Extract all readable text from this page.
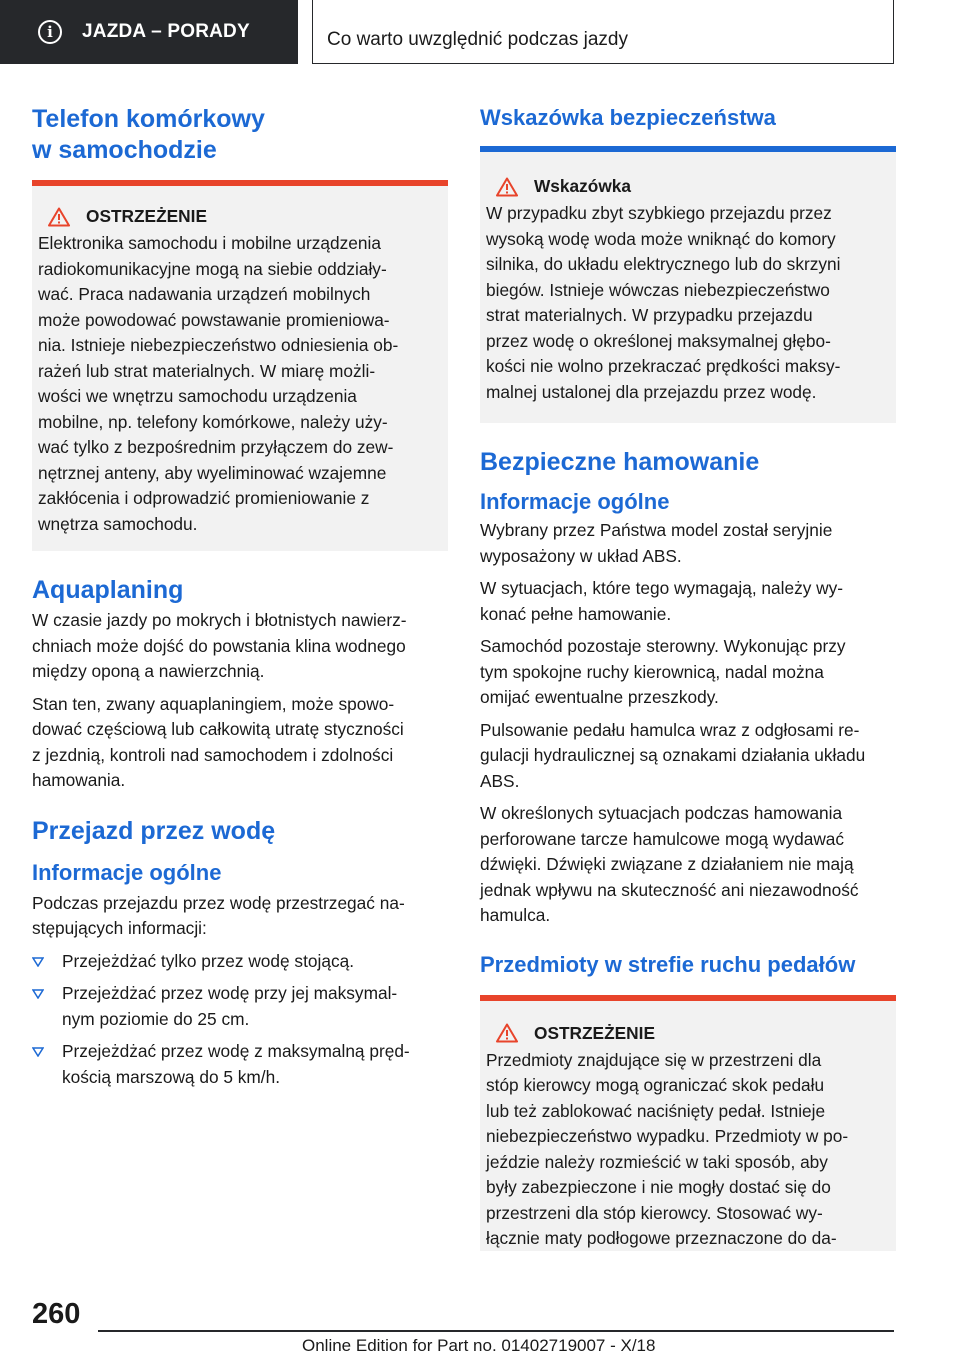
i	JAZDA – PORADY	Co warto uwzględnić podczas jazdy
Telefon komórkowy
w samochodzie
OSTRZEŻENIE

Elektronika samochodu i mobilne urządzenia
radiokomunikacyjne mogą na siebie oddziały-
wać. Praca nadawania urządzeń mobilnych
może powodować powstawanie promieniowa-
nia. Istnieje niebezpieczeństwo odniesienia ob-
rażeń lub strat materialnych. W miarę możli-
wości we wnętrzu samochodu urządzenia
mobilne, np. telefony komórkowe, należy uży-
wać tylko z bezpośrednim przyłączem do zew-
nętrznej anteny, aby wyeliminować wzajemne
zakłócenia i odprowadzić promieniowanie z
wnętrza samochodu.

Aquaplaning

W czasie jazdy po mokrych i błotnistych nawierz-
chniach może dojść do powstania klina wodnego
między oponą a nawierzchnią.

Stan ten, zwany aquaplaningiem, może spowo-
dować częściową lub całkowitą utratę styczności
z jezdnią, kontroli nad samochodem i zdolności
hamowania.

Przejazd przez wodę
Informacje ogólne

Podczas przejazdu przez wodę przestrzegać na-
stępujących informacji:

Przejeżdżać tylko przez wodę stojącą.
Przejeżdżać przez wodę przy jej maksymal-
nym poziomie do 25 cm.
Przejeżdżać przez wodę z maksymalną pręd-
kością marszową do 5 km/h.
Wskazówka bezpieczeństwa
Wskazówka

W przypadku zbyt szybkiego przejazdu przez
wysoką wodę woda może wniknąć do komory
silnika, do układu elektrycznego lub do skrzyni
biegów. Istnieje wówczas niebezpieczeństwo
strat materialnych. W przypadku przejazdu
przez wodę o określonej maksymalnej głębo-
kości nie wolno przekraczać prędkości maksy-
malnej ustalonej dla przejazdu przez wodę.

Bezpieczne hamowanie
Informacje ogólne

Wybrany przez Państwa model został seryjnie
wyposażony w układ ABS.

W sytuacjach, które tego wymagają, należy wy-
konać pełne hamowanie.

Samochód pozostaje sterowny. Wykonując przy
tym spokojne ruchy kierownicą, nadal można
omijać ewentualne przeszkody.

Pulsowanie pedału hamulca wraz z odgłosami re-
gulacji hydraulicznej są oznakami działania układu
ABS.

W określonych sytuacjach podczas hamowania
perforowane tarcze hamulcowe mogą wydawać
dźwięki. Dźwięki związane z działaniem nie mają
jednak wpływu na skuteczność ani niezawodność
hamulca.

Przedmioty w strefie ruchu pedałów
OSTRZEŻENIE

Przedmioty znajdujące się w przestrzeni dla
stóp kierowcy mogą ograniczać skok pedału
lub też zablokować naciśnięty pedał. Istnieje
niebezpieczeństwo wypadku. Przedmioty w po-
jeździe należy rozmieścić w taki sposób, aby
były zabezpieczone i nie mogły dostać się do
przestrzeni dla stóp kierowcy. Stosować wy-
łącznie maty podłogowe przeznaczone do da-

260
Online Edition for Part no. 01402719007 - X/18
